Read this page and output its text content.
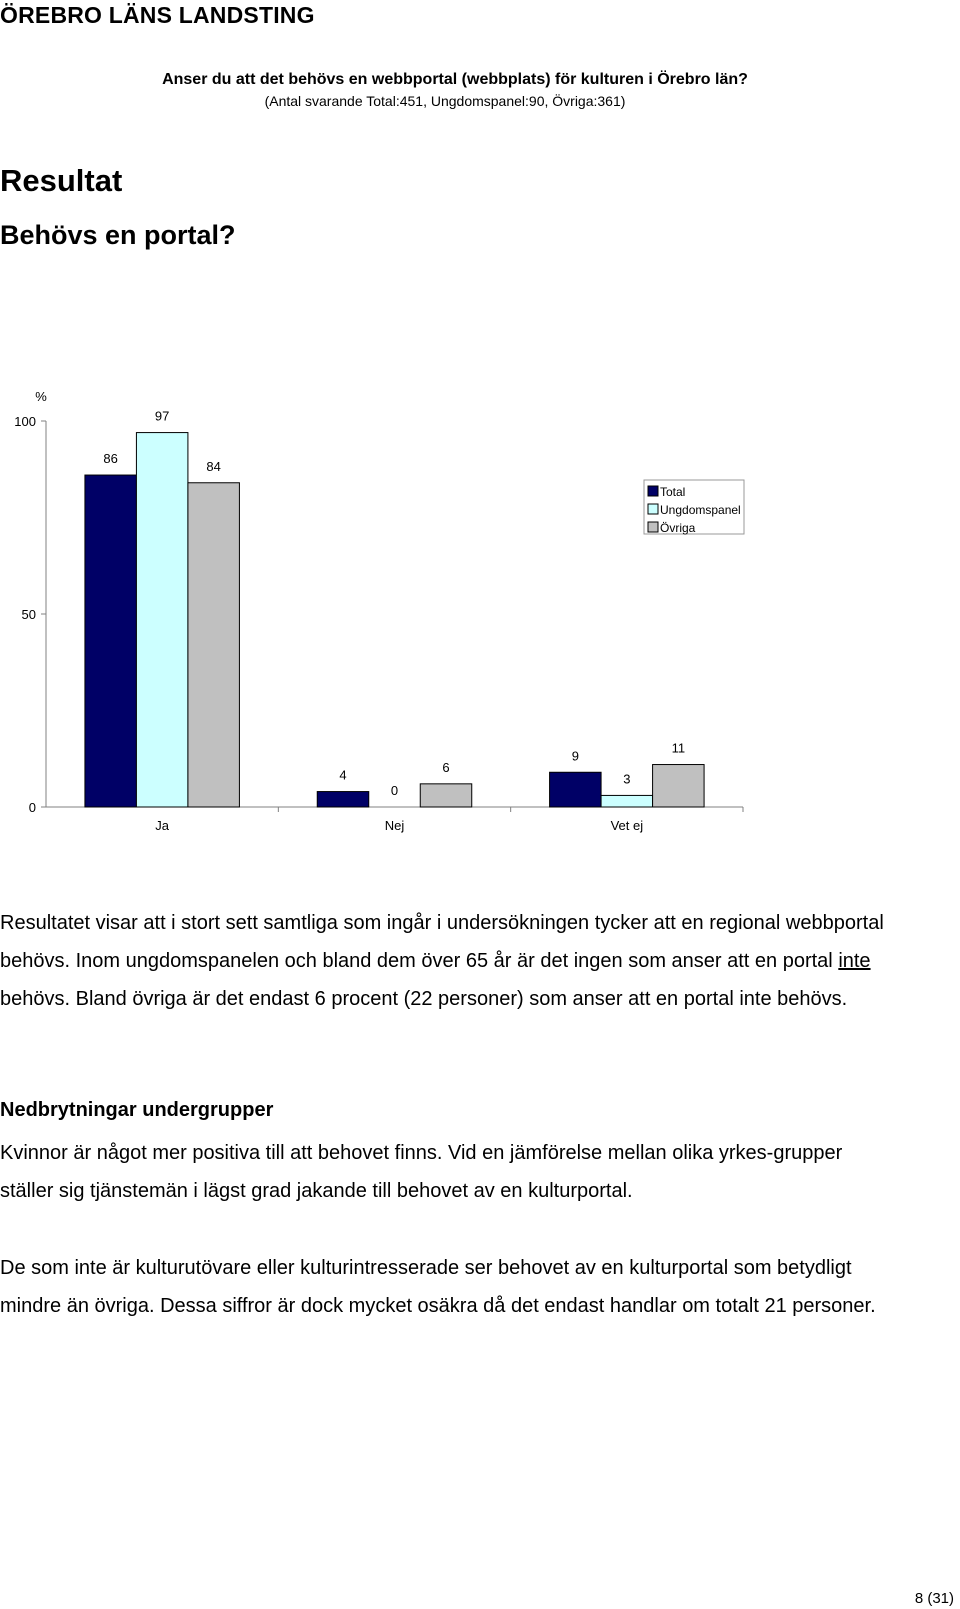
ÖREBRO LÄNS LANDSTING
Resultat
Behövs en portal?
Anser du att det behövs en webbportal (webbplats) för kulturen i Örebro län?
(Antal svarande Total:451, Ungdomspanel:90, Övriga:361)
%
0
50
100
Ja
86
97
84
Nej
4
0
6
Vet ej
9
3
11
Total
Ungdomspanel
Övriga

Resultatet visar att i stort sett samtliga som ingår i undersökningen tycker att en regional webbportal behövs. Inom ungdomspanelen och bland dem över 65 år är det ingen som anser att en portal inte behövs. Bland övriga är det endast 6 procent (22 personer) som anser att en portal inte behövs.

Nedbrytningar undergrupper

Kvinnor är något mer positiva till att behovet finns. Vid en jämförelse mellan olika yrkes-grupper ställer sig tjänstemän i lägst grad jakande till behovet av en kulturportal.

De som inte är kulturutövare eller kulturintresserade ser behovet av en kulturportal som betydligt mindre än övriga. Dessa siffror är dock mycket osäkra då det endast handlar om totalt 21 personer.

8 (31)
